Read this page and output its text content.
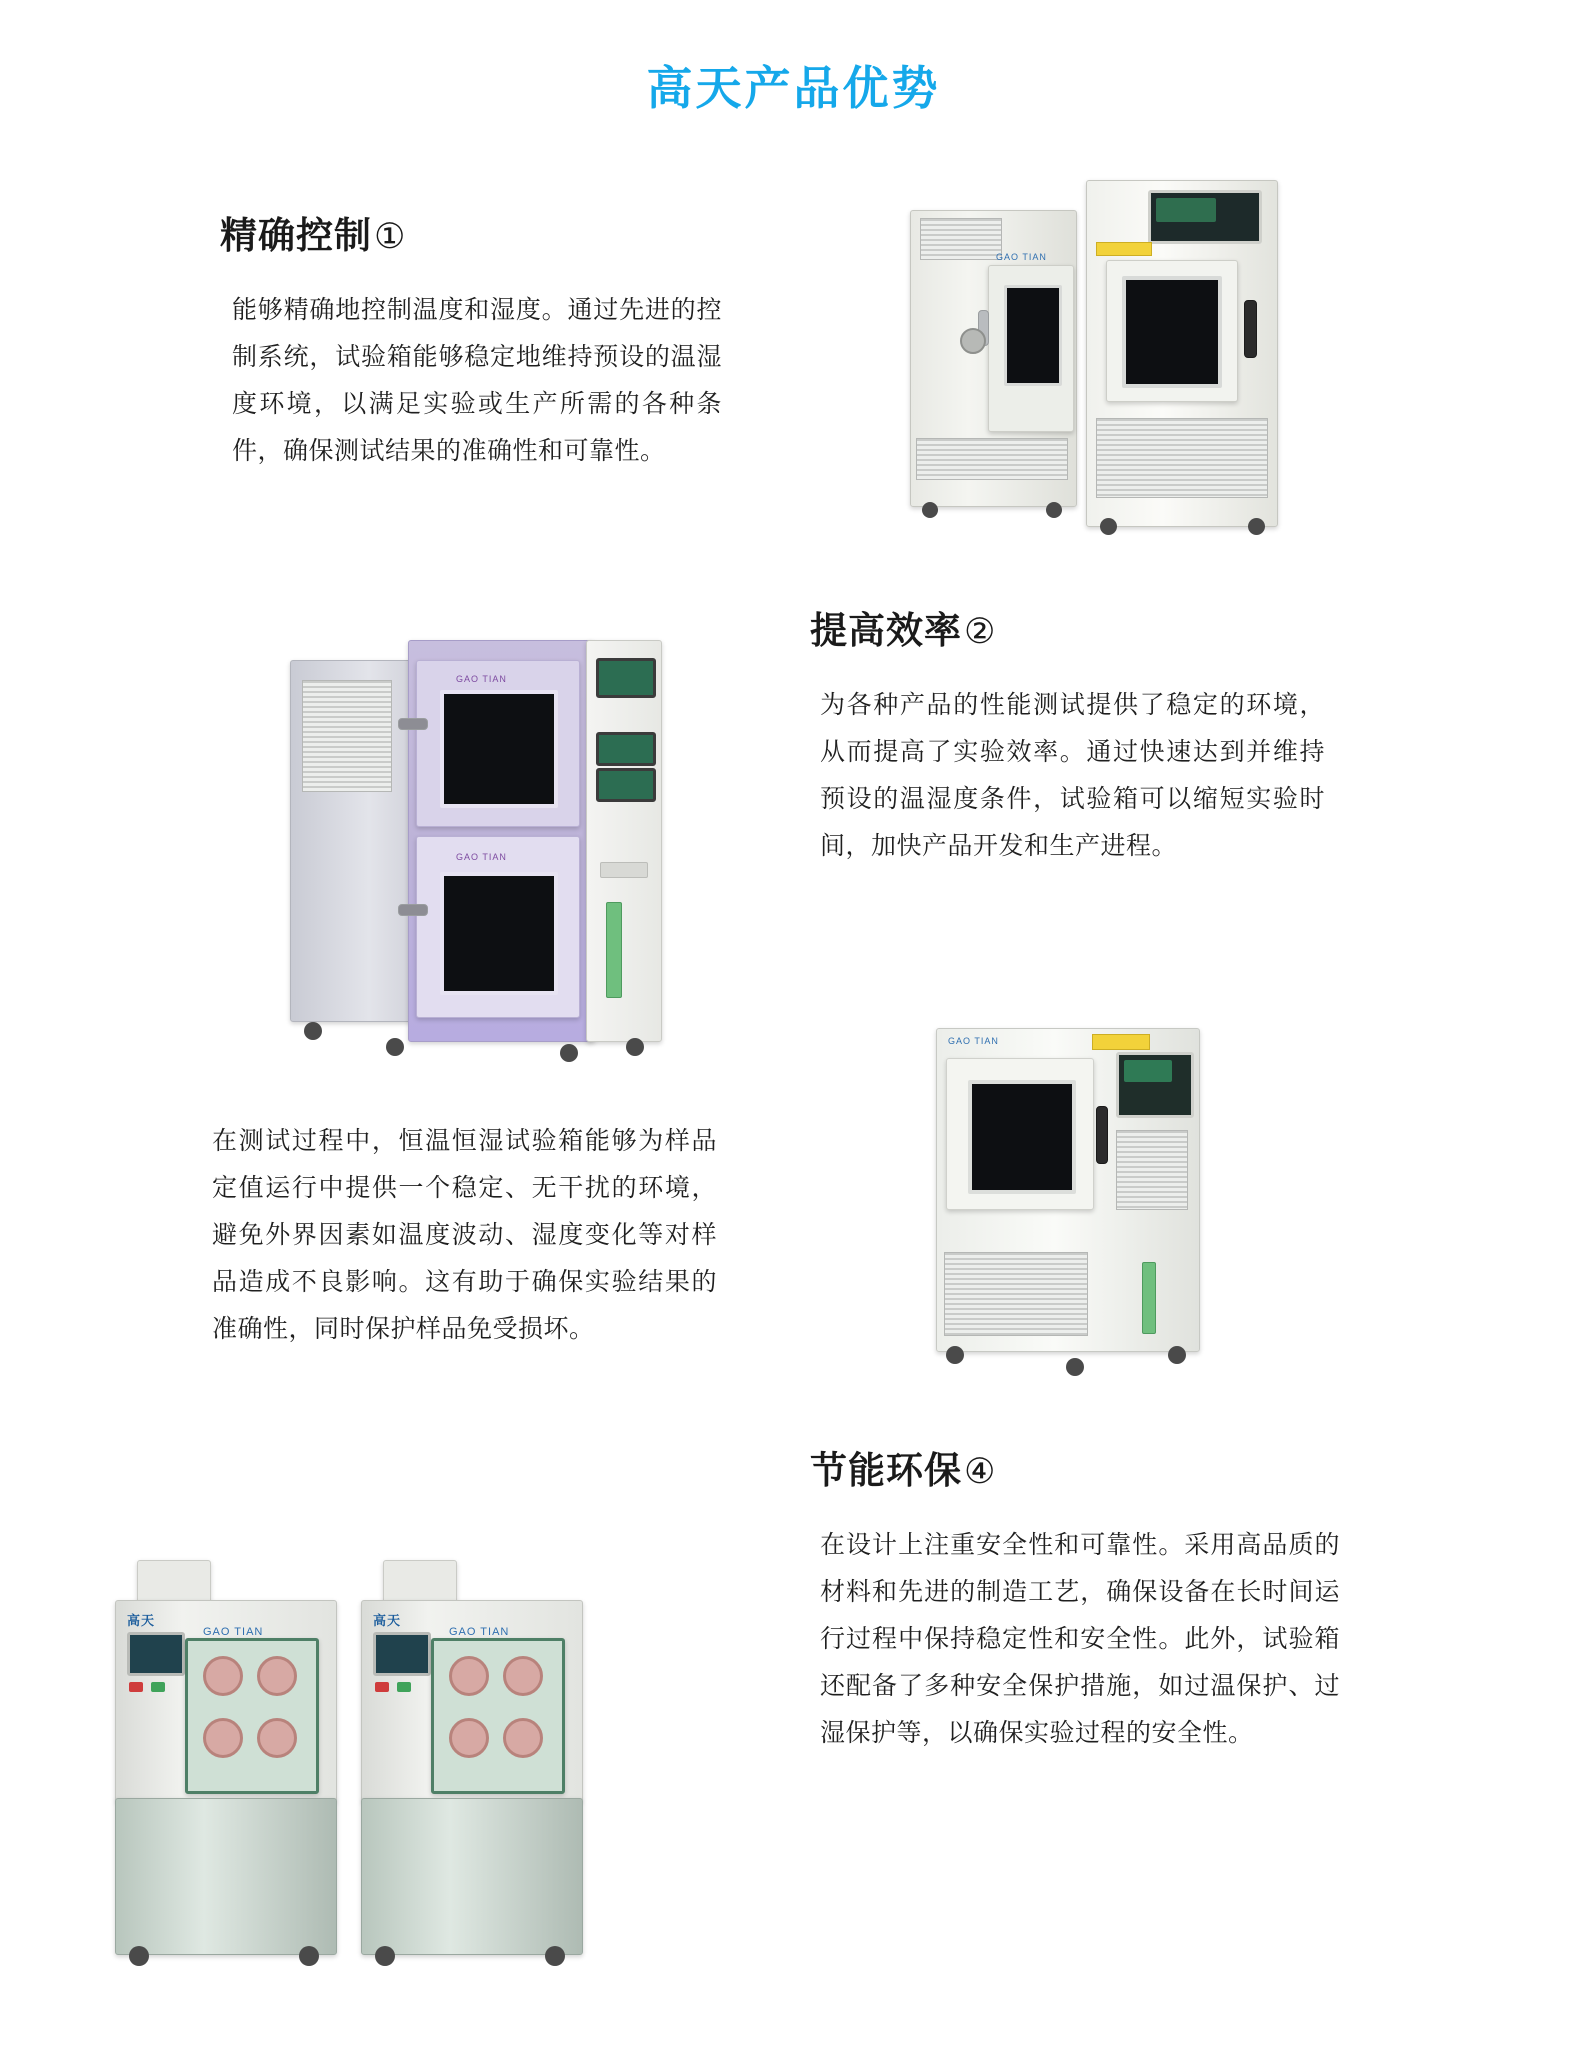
高天产品优势
精确控制①
能够精确地控制温度和湿度。通过先进的控制系统，试验箱能够稳定地维持预设的温湿度环境，以满足实验或生产所需的各种条件，确保测试结果的准确性和可靠性。
GAO TIAN
提高效率②
为各种产品的性能测试提供了稳定的环境，从而提高了实验效率。通过快速达到并维持预设的温湿度条件，试验箱可以缩短实验时间，加快产品开发和生产进程。
GAO TIAN
GAO TIAN
在测试过程中，恒温恒湿试验箱能够为样品定值运行中提供一个稳定、无干扰的环境，避免外界因素如温度波动、湿度变化等对样品造成不良影响。这有助于确保实验结果的准确性，同时保护样品免受损坏。
GAO TIAN
节能环保④
在设计上注重安全性和可靠性。采用高品质的材料和先进的制造工艺，确保设备在长时间运行过程中保持稳定性和安全性。此外，试验箱还配备了多种安全保护措施，如过温保护、过湿保护等，以确保实验过程的安全性。
高天
GAO TIAN
高天
GAO TIAN
